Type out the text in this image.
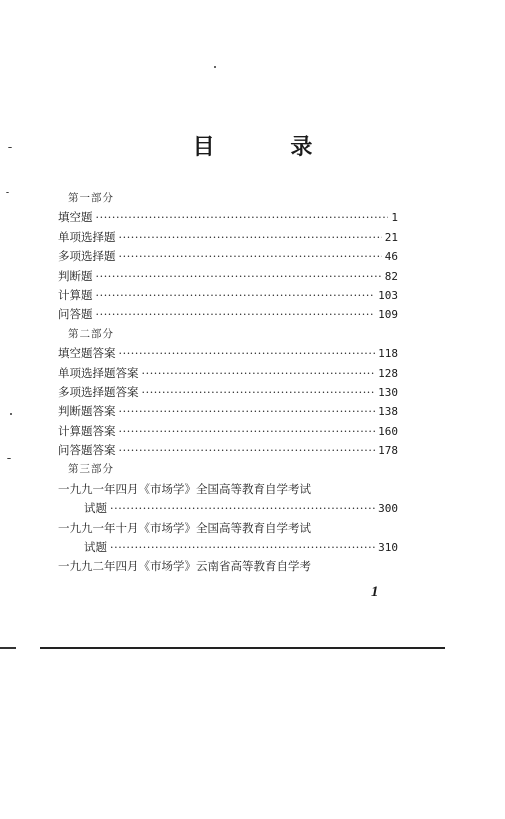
目 录
第一部分
填空题 ·····	1
单项选择题 ·····	21
多项选择题 ·····	46
判断题 ·····	82
计算题 ·····	103
问答题 ·····	109
第二部分
填空题答案 ·····	118
单项选择题答案 ·····	128
多项选择题答案 ·····	130
判断题答案 ·····	138
计算题答案 ·····	160
问答题答案 ·····	178
第三部分
一九九一年四月《市场学》全国高等教育自学考试
试题 ·····	300
一九九一年十月《市场学》全国高等教育自学考试
试题 ·····	310
一九九二年四月《市场学》云南省高等教育自学考
1
